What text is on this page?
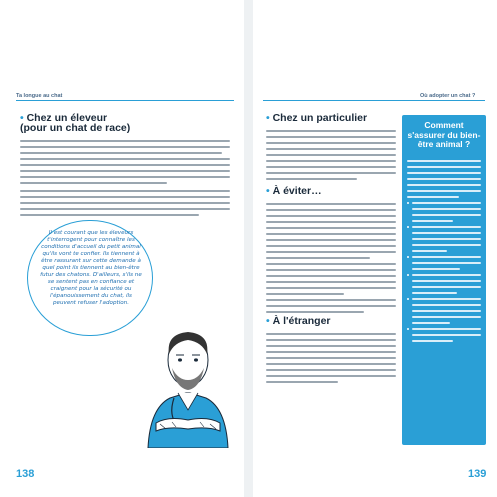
Ta longue au chat
• Chez un éleveur
(pour un chat de race)
Il est courant que les éleveurs t'interrogent pour connaître les conditions d'accueil du petit animal qu'ils vont te confier. Ils tiennent à être rassurant sur cette demande à quel point ils tiennent au bien-être futur des chatons. D'ailleurs, s'ils ne se sentent pas en confiance et craignent pour la sécurité ou l'épanouissement du chat, ils peuvent refuser l'adoption.
138
Où adopter un chat ?
• Chez un particulier
• À éviter…
• À l'étranger
Comment s'assurer du bien-être animal ?
139
